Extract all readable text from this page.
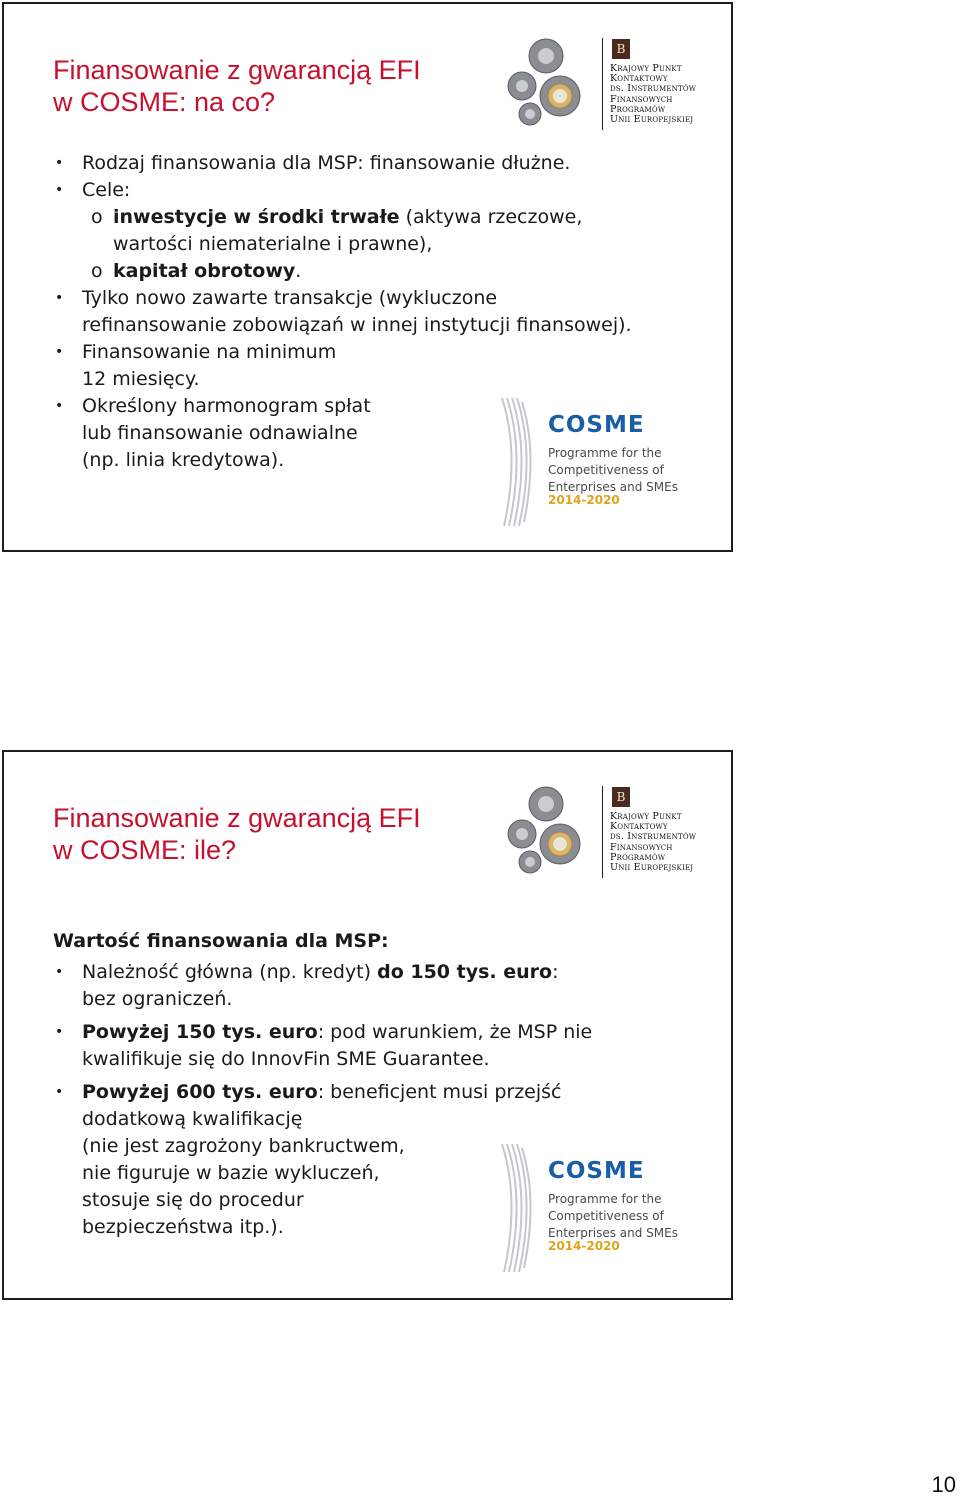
Finansowanie z gwarancją EFI
w COSME: na co?
B
Krajowy Punkt
Kontaktowy
ds. Instrumentów
Finansowych
Programów
Unii Europejskiej
• Rodzaj finansowania dla MSP: finansowanie dłużne.
• Cele:
o inwestycje w środki trwałe (aktywa rzeczowe,
wartości niematerialne i prawne),
o kapitał obrotowy.
• Tylko nowo zawarte transakcje (wykluczone
refinansowanie zobowiązań w innej instytucji finansowej).
• Finansowanie na minimum
12 miesięcy.
• Określony harmonogram spłat
lub finansowanie odnawialne
(np. linia kredytowa).
COSME
Programme for the
Competitiveness of
Enterprises and SMEs
2014-2020
Finansowanie z gwarancją EFI
w COSME: ile?
B
Krajowy Punkt
Kontaktowy
ds. Instrumentów
Finansowych
Programów
Unii Europejskiej
Wartość finansowania dla MSP:
• Należność główna (np. kredyt) do 150 tys. euro:
bez ograniczeń.
• Powyżej 150 tys. euro: pod warunkiem, że MSP nie
kwalifikuje się do InnovFin SME Guarantee.
• Powyżej 600 tys. euro: beneficjent musi przejść
dodatkową kwalifikację
(nie jest zagrożony bankructwem,
nie figuruje w bazie wykluczeń,
stosuje się do procedur
bezpieczeństwa itp.).
COSME
Programme for the
Competitiveness of
Enterprises and SMEs
2014-2020
10
